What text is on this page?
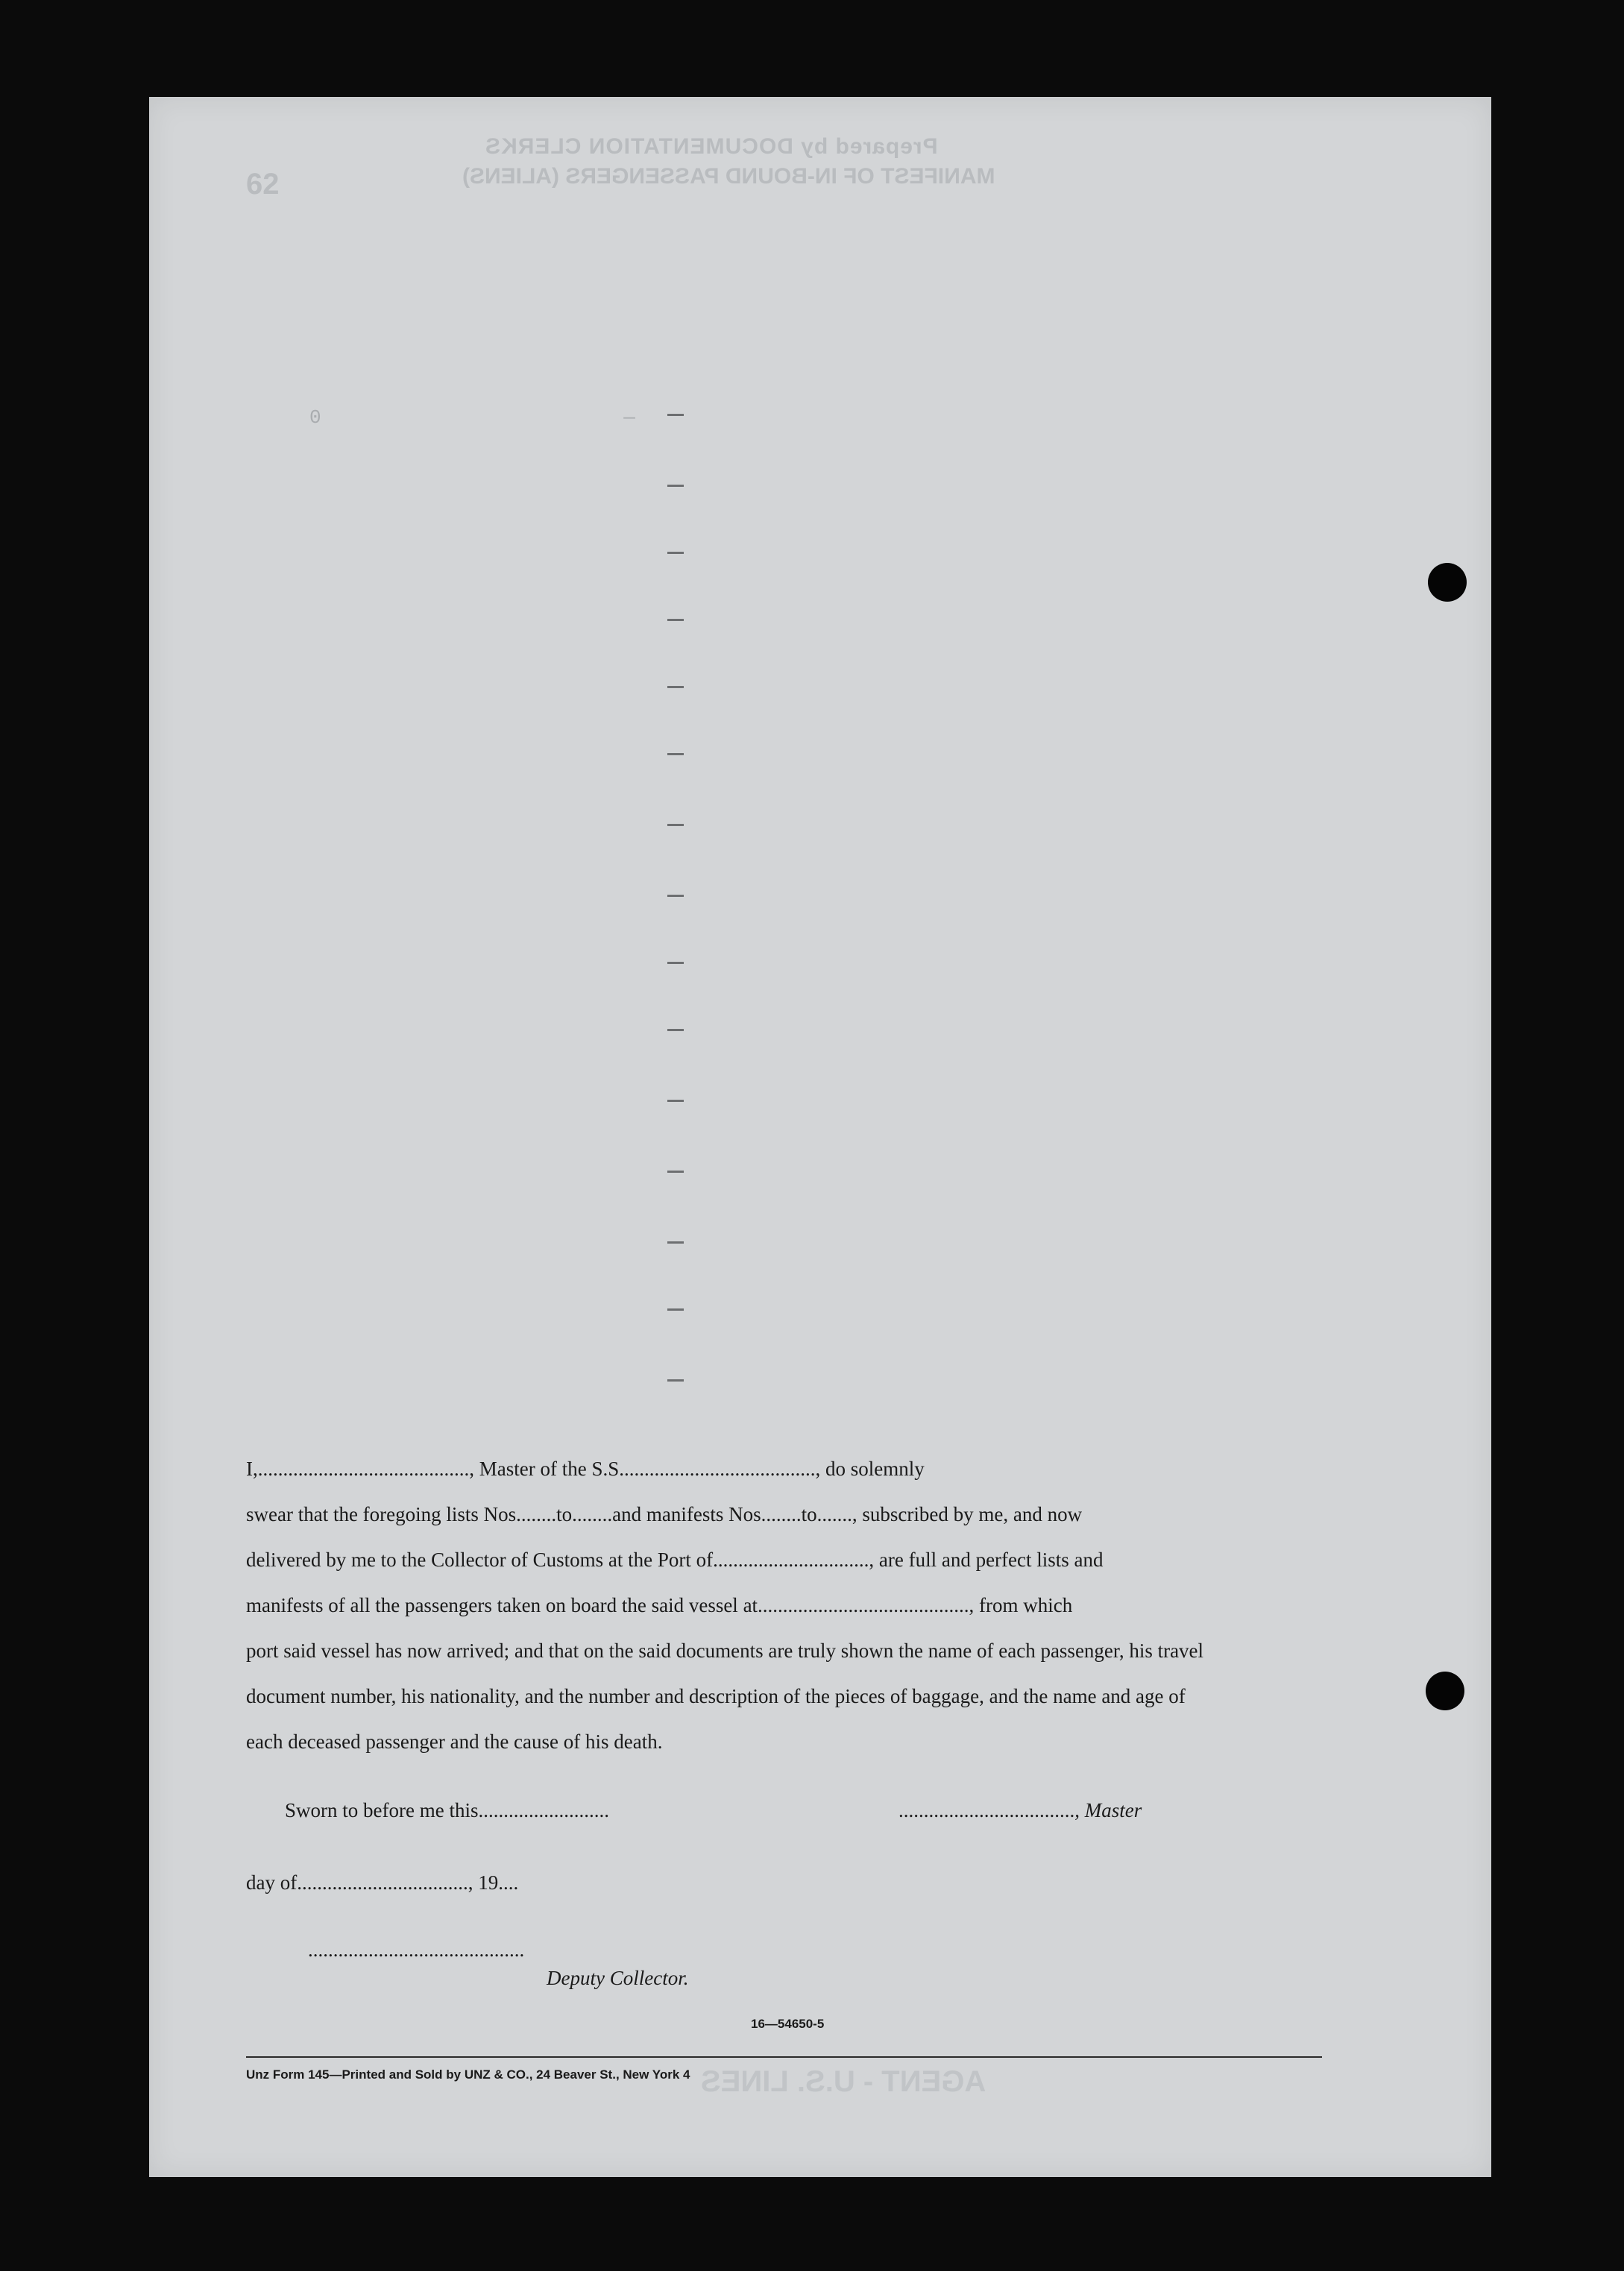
Prepared by DOCUMENTATION CLERKS
MANIFEST OF IN-BOUND PASSENGERS (ALIENS)
62
0                          —

I,.........................................., Master of the S.S......................................., do solemnly

swear that the foregoing lists Nos........to........and manifests Nos........to......., subscribed by me, and now

delivered by me to the Collector of Customs at the Port of..............................., are full and perfect lists and

manifests of all the passengers taken on board the said vessel at.........................................., from which

port said vessel has now arrived; and that on the said documents are truly shown the name of each passenger, his travel

document number, his nationality, and the number and description of the pieces of baggage, and the name and age of

each deceased passenger and the cause of his death.

Sworn to before me this..........................	..................................., Master
day of.................................., 19....
...........................................
Deputy Collector.
16—54650-5
Unz Form 145—Printed and Sold by UNZ & CO., 24 Beaver St., New York 4 AGENT - U.S. LINES
